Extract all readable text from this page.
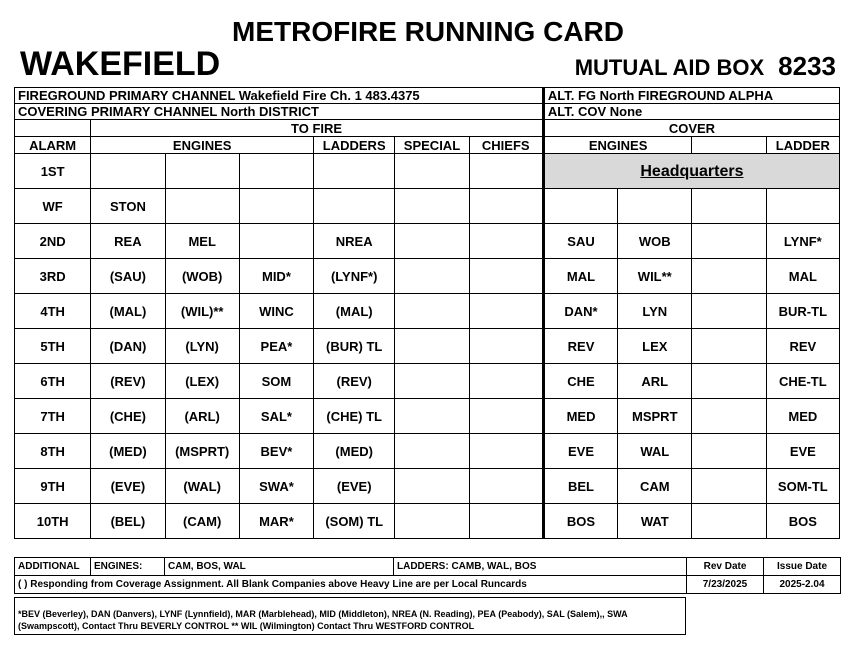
METROFIRE RUNNING CARD
WAKEFIELD	MUTUAL AID BOX 8233
FIREGROUND PRIMARY CHANNEL Wakefield Fire Ch. 1 483.4375							ALT. FG North FIREGROUND ALPHA			
COVERING PRIMARY CHANNEL North DISTRICT							ALT. COV None			
	TO FIRE						COVER			
ALARM	ENGINES			LADDERS	SPECIAL	CHIEFS	ENGINES			LADDER
1ST							Headquarters			
WF	STON									
2ND	REA	MEL		NREA			SAU	WOB		LYNF*
3RD	(SAU)	(WOB)	MID*	(LYNF*)			MAL	WIL**		MAL
4TH	(MAL)	(WIL)**	WINC	(MAL)			DAN*	LYN		BUR-TL
5TH	(DAN)	(LYN)	PEA*	(BUR) TL			REV	LEX		REV
6TH	(REV)	(LEX)	SOM	(REV)			CHE	ARL		CHE-TL
7TH	(CHE)	(ARL)	SAL*	(CHE) TL			MED	MSPRT		MED
8TH	(MED)	(MSPRT)	BEV*	(MED)			EVE	WAL		EVE
9TH	(EVE)	(WAL)	SWA*	(EVE)			BEL	CAM		SOM-TL
10TH	(BEL)	(CAM)	MAR*	(SOM) TL			BOS	WAT		BOS
ADDITIONAL	ENGINES:	CAM, BOS, WAL	LADDERS: CAMB, WAL, BOS	Rev Date	Issue Date
( ) Responding from Coverage Assignment. All Blank Companies above Heavy Line are per Local Runcards				7/23/2025	2025-2.04
*BEV (Beverley), DAN (Danvers), LYNF (Lynnfield), MAR (Marblehead), MID (Middleton), NREA (N. Reading), PEA (Peabody), SAL (Salem),, SWA
(Swampscott), Contact Thru BEVERLY CONTROL ** WIL (Wilmington) Contact Thru WESTFORD CONTROL
